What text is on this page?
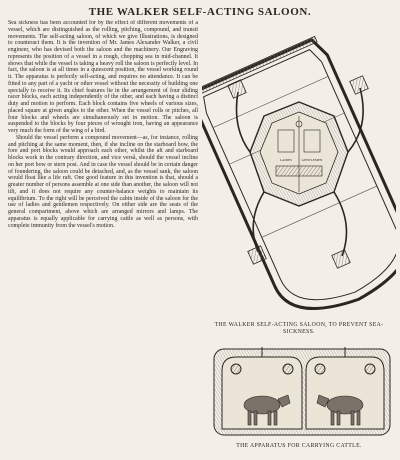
THE WALKER SELF-ACTING SALOON.

Sea sickness has been accounted for by the effect of different movements of a vessel, which are distinguished as the rolling, pitching, compound, and transit movements. The self-acting saloon, of which we give Illustrations, is designed to counteract them. It is the invention of Mr. James Alexander Walker, a civil engineer, who has devised both the saloon and the machinery. Our Engraving represents the position of a vessel in a rough, chopping sea in mid-channel. It shows that while the vessel is taking a heavy roll the saloon is perfectly level. In fact, the saloon is at all times in a quiescent position, the vessel working round it. The apparatus is perfectly self-acting, and requires no attendance. It can be fitted to any part of a yacht or other vessel without the necessity of building one specially to receive it. Its chief features lie in the arrangement of four sliding racer blocks, each acting independently of the other, and each having a distinct duty and motion to perform. Each block contains five wheels of various sizes, placed square at given angles to the other. When the vessel rolls or pitches, all four blocks and wheels are simultaneously set in motion. The saloon is suspended to the blocks by four pieces of wrought iron, having an appearance very much the form of the wing of a bird.

Should the vessel perform a compound movement—as, for instance, rolling and pitching at the same moment, then, if she incline on the starboard bow, the fore and port blocks would approach each other, whilst the aft and starboard blocks work in the contrary direction, and vice versâ, should the vessel incline on her port bow or stern post. And in case the vessel should be in certain danger of foundering, the saloon could be detached, and, as the vessel sank, the saloon would float like a life raft. One good feature in this invention is that, should a greater number of persons assemble at one side than another, the saloon will not tilt, and it does not require any counter-balance weights to maintain its equilibrium. To the right will be perceived the cabin inside of the saloon for the use of ladies and gentlemen respectively. On either side are the seats of the general compartment, above which are arranged mirrors and lamps. The apparatus is equally applicable for carrying cattle as well as persons, with complete immunity from the vessel's motion.

LADIES	GENTLEMEN
THE WALKER SELF-ACTING SALOON, TO PREVENT SEA-SICKNESS.
THE APPARATUS FOR CARRYING CATTLE.
